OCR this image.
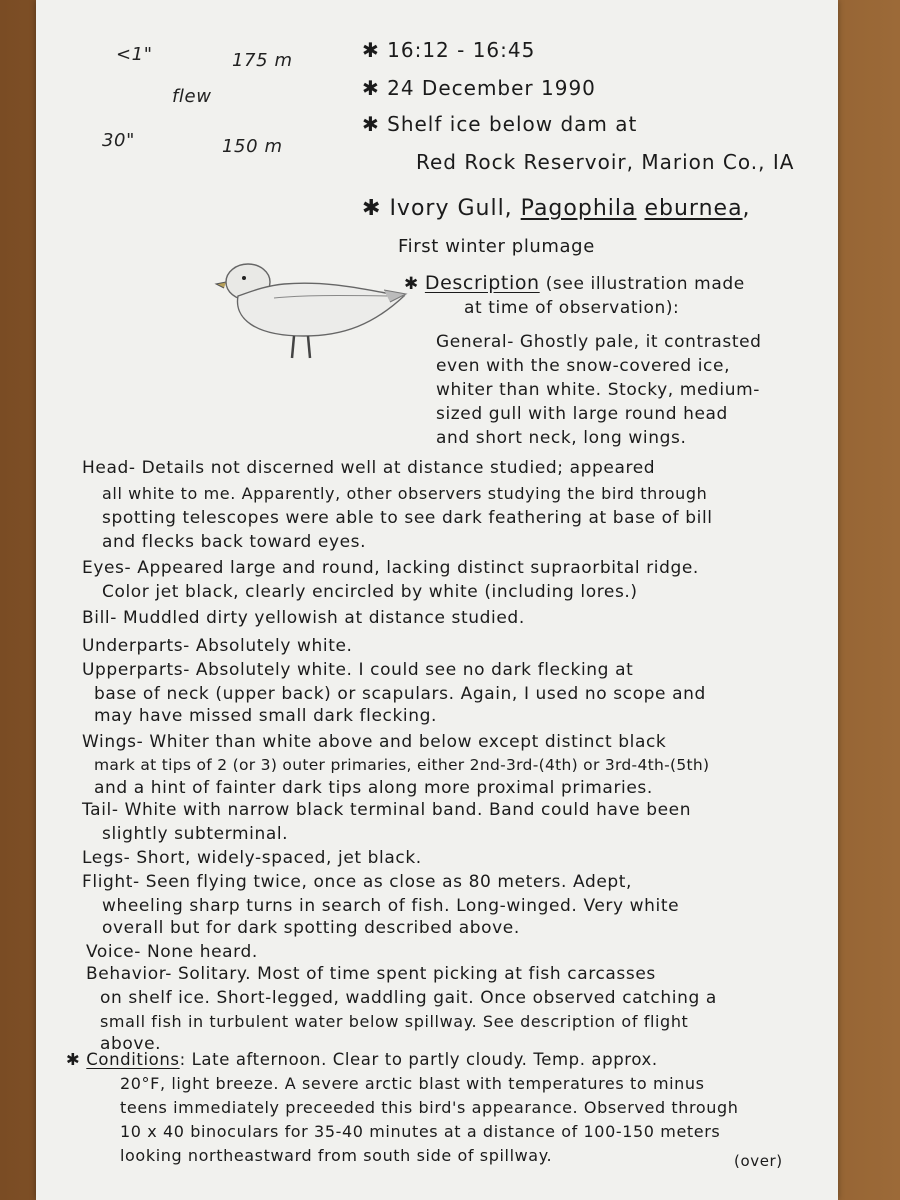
<1"	175 m
flew
30"	150 m
✱ 16:12 - 16:45
✱ 24 December 1990
✱ Shelf ice below dam at
Red Rock Reservoir, Marion Co., IA
✱ Ivory Gull, Pagophila eburnea,
First winter plumage
✱ Description (see illustration made
at time of observation):
General- Ghostly pale, it contrasted
even with the snow-covered ice,
whiter than white. Stocky, medium-
sized gull with large round head
and short neck, long wings.
Head- Details not discerned well at distance studied; appeared
all white to me. Apparently, other observers studying the bird through
spotting telescopes were able to see dark feathering at base of bill
and flecks back toward eyes.
Eyes- Appeared large and round, lacking distinct supraorbital ridge.
Color jet black, clearly encircled by white (including lores.)
Bill- Muddled dirty yellowish at distance studied.
Underparts- Absolutely white.
Upperparts- Absolutely white. I could see no dark flecking at
base of neck (upper back) or scapulars. Again, I used no scope and
may have missed small dark flecking.
Wings- Whiter than white above and below except distinct black
mark at tips of 2 (or 3) outer primaries, either 2nd-3rd-(4th) or 3rd-4th-(5th)
and a hint of fainter dark tips along more proximal primaries.
Tail- White with narrow black terminal band. Band could have been
slightly subterminal.
Legs- Short, widely-spaced, jet black.
Flight- Seen flying twice, once as close as 80 meters. Adept,
wheeling sharp turns in search of fish. Long-winged. Very white
overall but for dark spotting described above.
Voice- None heard.
Behavior- Solitary. Most of time spent picking at fish carcasses
on shelf ice. Short-legged, waddling gait. Once observed catching a
small fish in turbulent water below spillway. See description of flight
above.
✱ Conditions: Late afternoon. Clear to partly cloudy. Temp. approx.
20°F, light breeze. A severe arctic blast with temperatures to minus
teens immediately preceeded this bird's appearance. Observed through
10 x 40 binoculars for 35-40 minutes at a distance of 100-150 meters
looking northeastward from south side of spillway.	(over)
